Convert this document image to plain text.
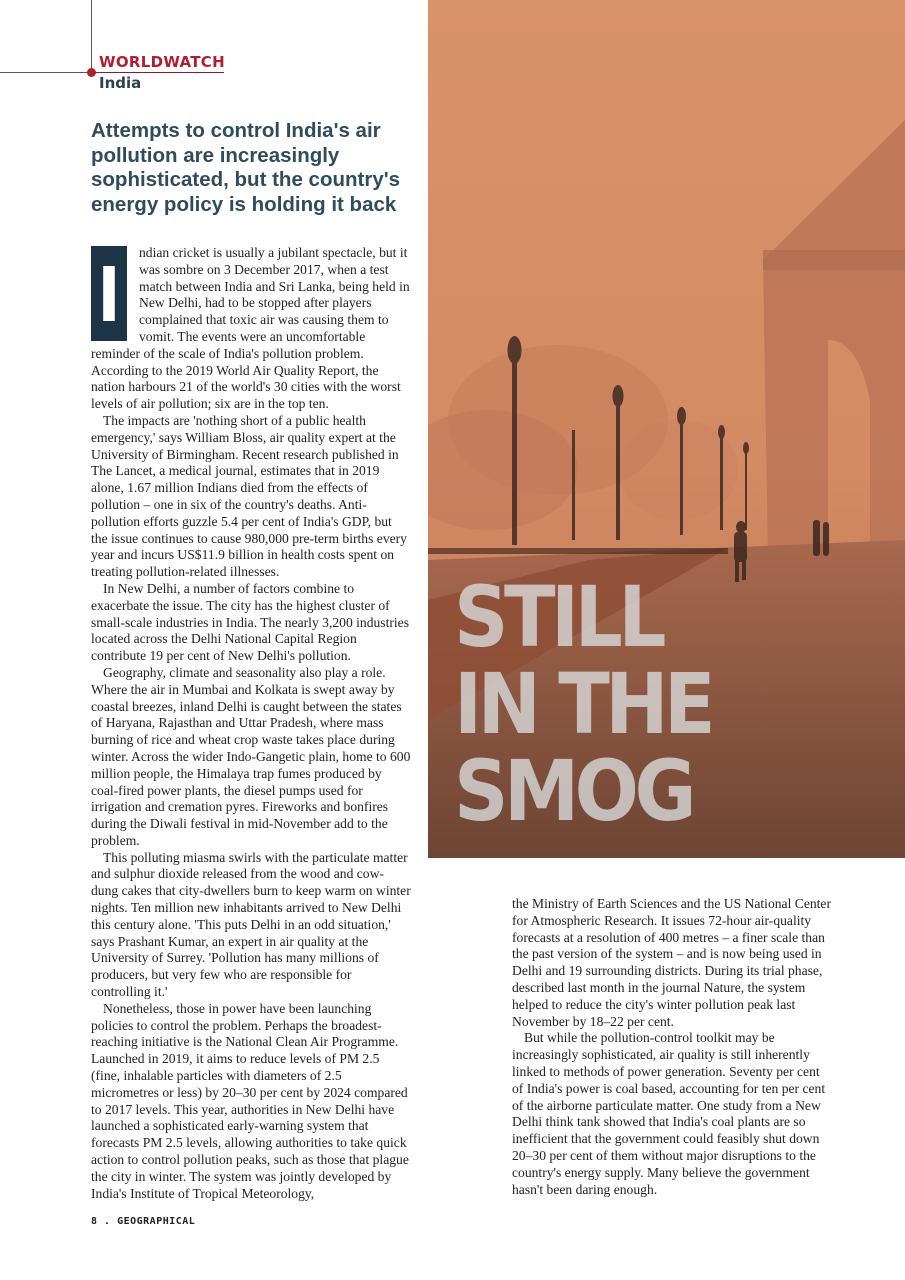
WORLDWATCH
India
Attempts to control India's air pollution are increasingly sophisticated, but the country's energy policy is holding it back
STILL
IN THE
SMOG
I	ndian cricket is usually a jubilant spectacle, but it was sombre on 3 December 2017, when a test match between India and Sri Lanka, being held in New Delhi, had to be stopped after players complained that toxic air was causing them to vomit. The events were an uncomfortable reminder of the scale of India's pollution problem. According to the 2019 World Air Quality Report, the nation harbours 21 of the world's 30 cities with the worst levels of air pollution; six are in the top ten.

The impacts are 'nothing short of a public health emergency,' says William Bloss, air quality expert at the University of Birmingham. Recent research published in The Lancet, a medical journal, estimates that in 2019 alone, 1.67 million Indians died from the effects of pollution – one in six of the country's deaths. Anti-pollution efforts guzzle 5.4 per cent of India's GDP, but the issue continues to cause 980,000 pre-term births every year and incurs US$11.9 billion in health costs spent on treating pollution-related illnesses.

In New Delhi, a number of factors combine to exacerbate the issue. The city has the highest cluster of small-scale industries in India. The nearly 3,200 industries located across the Delhi National Capital Region contribute 19 per cent of New Delhi's pollution.

Geography, climate and seasonality also play a role. Where the air in Mumbai and Kolkata is swept away by coastal breezes, inland Delhi is caught between the states of Haryana, Rajasthan and Uttar Pradesh, where mass burning of rice and wheat crop waste takes place during winter. Across the wider Indo-Gangetic plain, home to 600 million people, the Himalaya trap fumes produced by coal-fired power plants, the diesel pumps used for irrigation and cremation pyres. Fireworks and bonfires during the Diwali festival in mid-November add to the problem.

This polluting miasma swirls with the particulate matter and sulphur dioxide released from the wood and cow-dung cakes that city-dwellers burn to keep warm on winter nights. Ten million new inhabitants arrived to New Delhi this century alone. 'This puts Delhi in an odd situation,' says Prashant Kumar, an expert in air quality at the University of Surrey. 'Pollution has many millions of producers, but very few who are responsible for controlling it.'

Nonetheless, those in power have been launching policies to control the problem. Perhaps the broadest-reaching initiative is the National Clean Air Programme. Launched in 2019, it aims to reduce levels of PM 2.5 (fine, inhalable particles with diameters of 2.5 micrometres or less) by 20–30 per cent by 2024 compared to 2017 levels. This year, authorities in New Delhi have launched a sophisticated early-warning system that forecasts PM 2.5 levels, allowing authorities to take quick action to control pollution peaks, such as those that plague the city in winter. The system was jointly developed by India's Institute of Tropical Meteorology,

the Ministry of Earth Sciences and the US National Center for Atmospheric Research. It issues 72-hour air-quality forecasts at a resolution of 400 metres – a finer scale than the past version of the system – and is now being used in Delhi and 19 surrounding districts. During its trial phase, described last month in the journal Nature, the system helped to reduce the city's winter pollution peak last November by 18–22 per cent.

But while the pollution-control toolkit may be increasingly sophisticated, air quality is still inherently linked to methods of power generation. Seventy per cent of India's power is coal based, accounting for ten per cent of the airborne particulate matter. One study from a New Delhi think tank showed that India's coal plants are so inefficient that the government could feasibly shut down 20–30 per cent of them without major disruptions to the country's energy supply. Many believe the government hasn't been daring enough.

8 . GEOGRAPHICAL
